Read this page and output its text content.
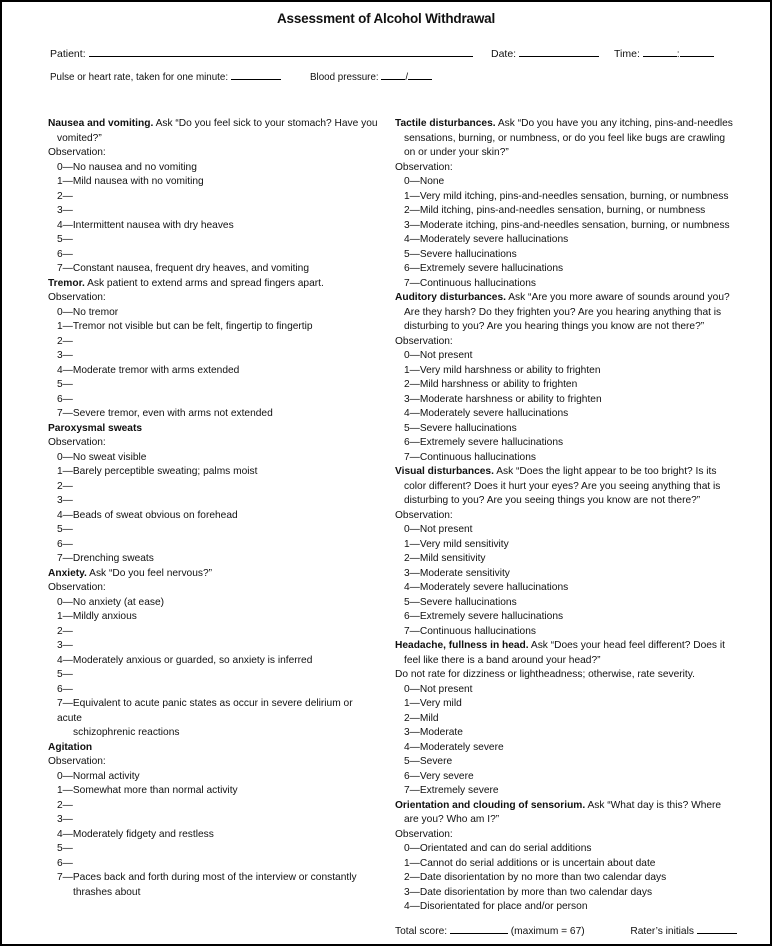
Assessment of Alcohol Withdrawal
Patient:	Date:	Time:	:
Pulse or heart rate, taken for one minute:	Blood pressure:	/
Nausea and vomiting. Ask “Do you feel sick to your stomach? Have you
vomited?”
Observation:
0—No nausea and no vomiting
1—Mild nausea with no vomiting
2—
3—
4—Intermittent nausea with dry heaves
5—
6—
7—Constant nausea, frequent dry heaves, and vomiting
Tremor. Ask patient to extend arms and spread fingers apart.
Observation:
0—No tremor
1—Tremor not visible but can be felt, fingertip to fingertip
2—
3—
4—Moderate tremor with arms extended
5—
6—
7—Severe tremor, even with arms not extended
Paroxysmal sweats
Observation:
0—No sweat visible
1—Barely perceptible sweating; palms moist
2—
3—
4—Beads of sweat obvious on forehead
5—
6—
7—Drenching sweats
Anxiety. Ask “Do you feel nervous?”
Observation:
0—No anxiety (at ease)
1—Mildly anxious
2—
3—
4—Moderately anxious or guarded, so anxiety is inferred
5—
6—
7—Equivalent to acute panic states as occur in severe delirium or acute
schizophrenic reactions
Agitation
Observation:
0—Normal activity
1—Somewhat more than normal activity
2—
3—
4—Moderately fidgety and restless
5—
6—
7—Paces back and forth during most of the interview or constantly
thrashes about
Tactile disturbances. Ask “Do you have you any itching, pins-and-needles
sensations, burning, or numbness, or do you feel like bugs are crawling
on or under your skin?”
Observation:
0—None
1—Very mild itching, pins-and-needles sensation, burning, or numbness
2—Mild itching, pins-and-needles sensation, burning, or numbness
3—Moderate itching, pins-and-needles sensation, burning, or numbness
4—Moderately severe hallucinations
5—Severe hallucinations
6—Extremely severe hallucinations
7—Continuous hallucinations
Auditory disturbances. Ask “Are you more aware of sounds around you?
Are they harsh? Do they frighten you? Are you hearing anything that is
disturbing to you? Are you hearing things you know are not there?”
Observation:
0—Not present
1—Very mild harshness or ability to frighten
2—Mild harshness or ability to frighten
3—Moderate harshness or ability to frighten
4—Moderately severe hallucinations
5—Severe hallucinations
6—Extremely severe hallucinations
7—Continuous hallucinations
Visual disturbances. Ask “Does the light appear to be too bright? Is its
color different? Does it hurt your eyes? Are you seeing anything that is
disturbing to you? Are you seeing things you know are not there?”
Observation:
0—Not present
1—Very mild sensitivity
2—Mild sensitivity
3—Moderate sensitivity
4—Moderately severe hallucinations
5—Severe hallucinations
6—Extremely severe hallucinations
7—Continuous hallucinations
Headache, fullness in head. Ask “Does your head feel different? Does it
feel like there is a band around your head?”
Do not rate for dizziness or lightheadness; otherwise, rate severity.
0—Not present
1—Very mild
2—Mild
3—Moderate
4—Moderately severe
5—Severe
6—Very severe
7—Extremely severe
Orientation and clouding of sensorium. Ask “What day is this? Where
are you? Who am I?”
Observation:
0—Orientated and can do serial additions
1—Cannot do serial additions or is uncertain about date
2—Date disorientation by no more than two calendar days
3—Date disorientation by more than two calendar days
4—Disorientated for place and/or person
Total score:	(maximum = 67)	Rater’s initials
